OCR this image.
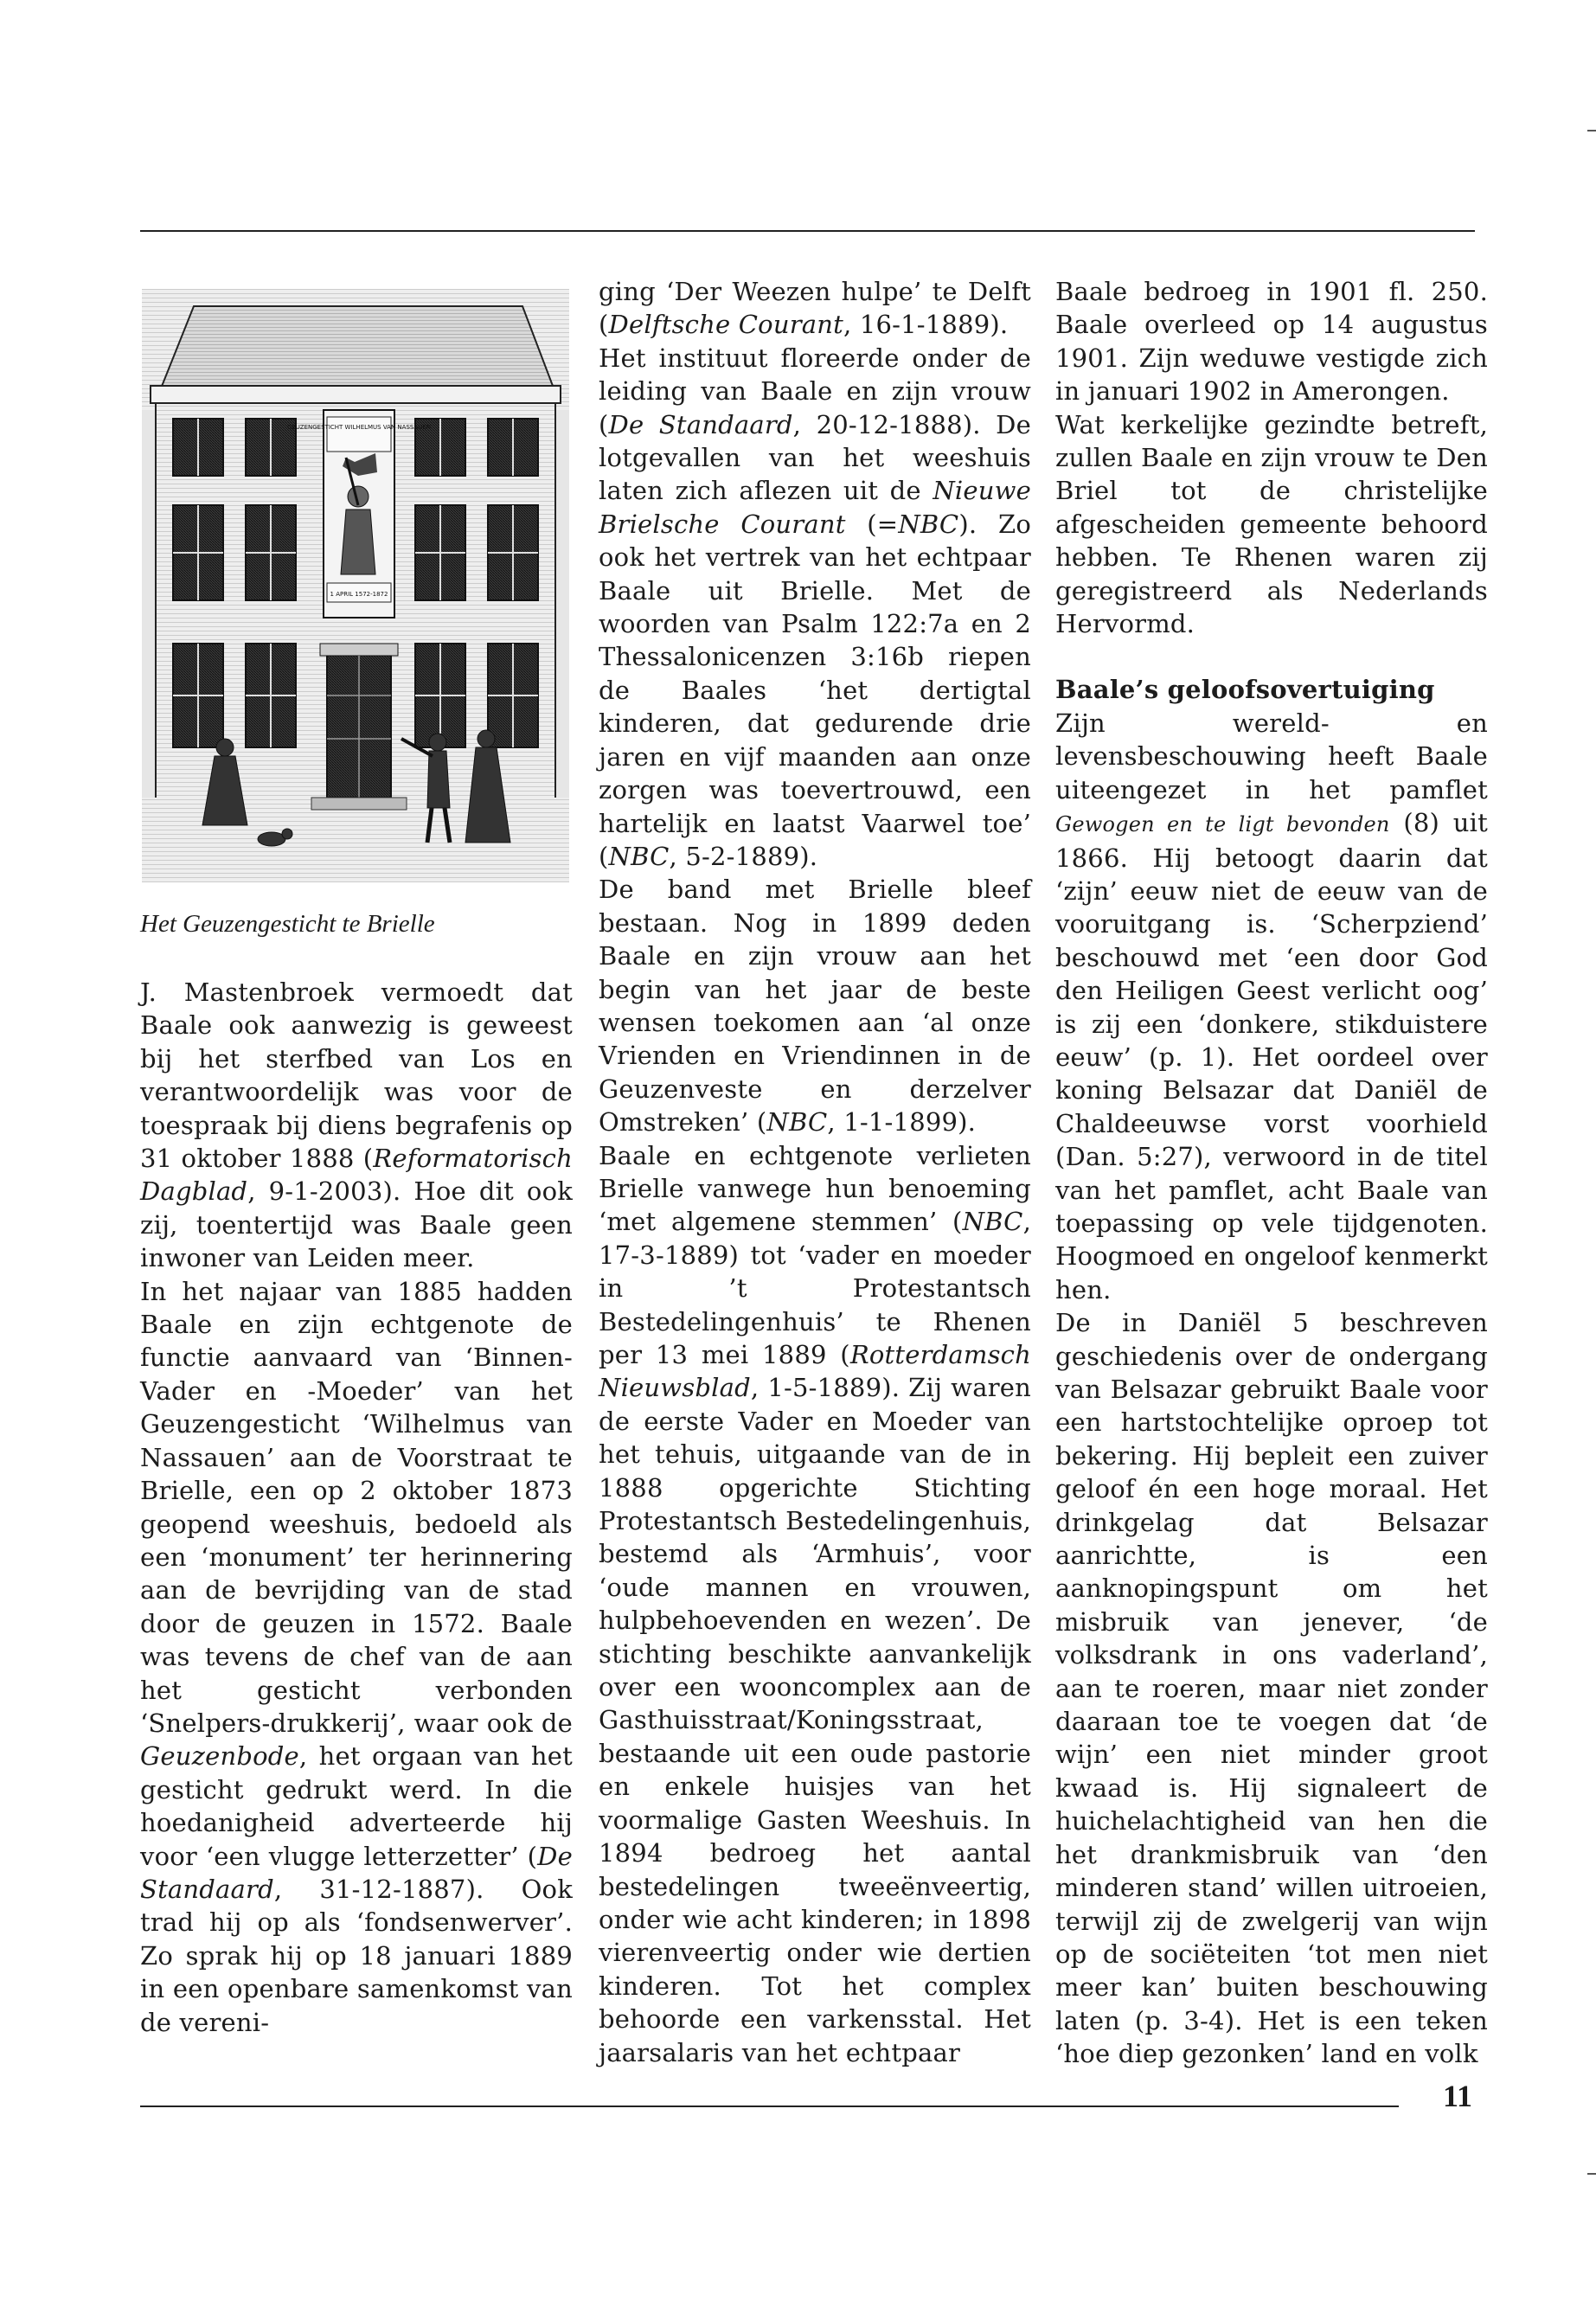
GEUZENGESTICHT WILHELMUS VAN NASSAUEN
1 APRIL 1572-1872
Het Geuzengesticht te Brielle

J. Mastenbroek vermoedt dat Baale ook aanwezig is geweest bij het sterfbed van Los en verantwoordelijk was voor de toespraak bij diens begrafenis op 31 oktober 1888 (Reformatorisch Dagblad, 9-1-2003). Hoe dit ook zij, toentertijd was Baale geen inwoner van Leiden meer.

In het najaar van 1885 hadden Baale en zijn echtgenote de functie aanvaard van ‘Binnen-Vader en -Moeder’ van het Geuzengesticht ‘Wilhelmus van Nassauen’ aan de Voorstraat te Brielle, een op 2 oktober 1873 geopend weeshuis, bedoeld als een ‘monument’ ter herinnering aan de bevrijding van de stad door de geuzen in 1572. Baale was tevens de chef van de aan het gesticht verbonden ‘Snelpers-drukkerij’, waar ook de Geuzenbode, het orgaan van het gesticht gedrukt werd. In die hoedanigheid adverteerde hij voor ‘een vlugge letterzetter’ (De Standaard, 31-12-1887). Ook trad hij op als ‘fondsenwerver’. Zo sprak hij op 18 januari 1889 in een openbare samenkomst van de vereni-

ging ‘Der Weezen hulpe’ te Delft (Delftsche Courant, 16-1-1889).

Het instituut floreerde onder de leiding van Baale en zijn vrouw (De Standaard, 20-12-1888). De lotgevallen van het weeshuis laten zich aflezen uit de Nieuwe Brielsche Courant (=NBC). Zo ook het vertrek van het echtpaar Baale uit Brielle. Met de woorden van Psalm 122:7a en 2 Thessalonicenzen 3:16b riepen de Baales ‘het dertigtal kinderen, dat gedurende drie jaren en vijf maanden aan onze zorgen was toevertrouwd, een hartelijk en laatst Vaarwel toe’ (NBC, 5-2-1889).

De band met Brielle bleef bestaan. Nog in 1899 deden Baale en zijn vrouw aan het begin van het jaar de beste wensen toekomen aan ‘al onze Vrienden en Vriendinnen in de Geuzenveste en derzelver Omstreken’ (NBC, 1-1-1899).

Baale en echtgenote verlieten Brielle vanwege hun benoeming ‘met algemene stemmen’ (NBC, 17-3-1889) tot ‘vader en moeder in ’t Protestantsch Bestedelingenhuis’ te Rhenen per 13 mei 1889 (Rotterdamsch Nieuwsblad, 1-5-1889). Zij waren de eerste Vader en Moeder van het tehuis, uitgaande van de in 1888 opgerichte Stichting Protestantsch Bestedelingenhuis, bestemd als ‘Armhuis’, voor ‘oude mannen en vrouwen, hulpbehoevenden en wezen’. De stichting beschikte aanvankelijk over een wooncomplex aan de Gasthuisstraat/Koningsstraat, bestaande uit een oude pastorie en enkele huisjes van het voormalige Gasten Weeshuis. In 1894 bedroeg het aantal bestedelingen tweeënveertig, onder wie acht kinderen; in 1898 vierenveertig onder wie dertien kinderen. Tot het complex behoorde een varkensstal. Het jaarsalaris van het echtpaar

Baale bedroeg in 1901 fl. 250. Baale overleed op 14 augustus 1901. Zijn weduwe vestigde zich in januari 1902 in Amerongen.

Wat kerkelijke gezindte betreft, zullen Baale en zijn vrouw te Den Briel tot de christelijke afgescheiden gemeente behoord hebben. Te Rhenen waren zij geregistreerd als Nederlands Hervormd.

Baale’s geloofsovertuiging

Zijn wereld- en levensbeschouwing heeft Baale uiteengezet in het pamflet Gewogen en te ligt bevonden (8) uit 1866. Hij betoogt daarin dat ‘zijn’ eeuw niet de eeuw van de vooruitgang is. ‘Scherpziend’ beschouwd met ‘een door God den Heiligen Geest verlicht oog’ is zij een ‘donkere, stikduistere eeuw’ (p. 1). Het oordeel over koning Belsazar dat Daniël de Chaldeeuwse vorst voorhield (Dan. 5:27), verwoord in de titel van het pamflet, acht Baale van toepassing op vele tijdgenoten. Hoogmoed en ongeloof kenmerkt hen.

De in Daniël 5 beschreven geschiedenis over de ondergang van Belsazar gebruikt Baale voor een hartstochtelijke oproep tot bekering. Hij bepleit een zuiver geloof én een hoge moraal. Het drinkgelag dat Belsazar aanrichtte, is een aanknopingspunt om het misbruik van jenever, ‘de volksdrank in ons vaderland’, aan te roeren, maar niet zonder daaraan toe te voegen dat ‘de wijn’ een niet minder groot kwaad is. Hij signaleert de huichelachtigheid van hen die het drankmisbruik van ‘den minderen stand’ willen uitroeien, terwijl zij de zwelgerij van wijn op de sociëteiten ‘tot men niet meer kan’ buiten beschouwing laten (p. 3-4). Het is een teken ‘hoe diep gezonken’ land en volk

11
